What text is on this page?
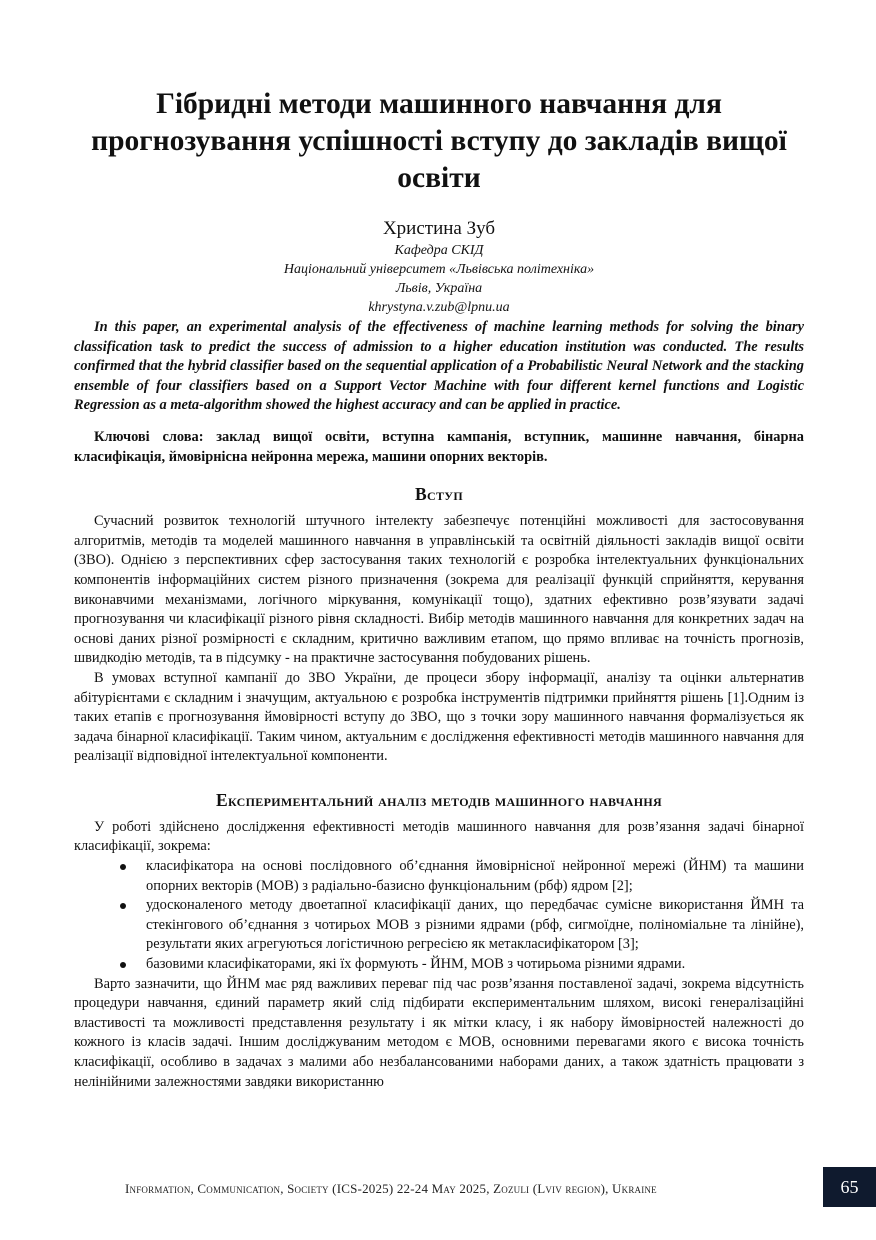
Гібридні методи машинного навчання для прогнозування успішності вступу до закладів вищої освіти
Христина Зуб
Кафедра СКІД
Національний університет «Львівська політехніка»
Львів, Україна
khrystyna.v.zub@lpnu.ua
In this paper, an experimental analysis of the effectiveness of machine learning methods for solving the binary classification task to predict the success of admission to a higher education institution was conducted. The results confirmed that the hybrid classifier based on the sequential application of a Probabilistic Neural Network and the stacking ensemble of four classifiers based on a Support Vector Machine with four different kernel functions and Logistic Regression as a meta-algorithm showed the highest accuracy and can be applied in practice.
Ключові слова: заклад вищої освіти, вступна кампанія, вступник, машинне навчання, бінарна класифікація, ймовірнісна нейронна мережа, машини опорних векторів.
Вступ

Сучасний розвиток технологій штучного інтелекту забезпечує потенційні можливості для застосовування алгоритмів, методів та моделей машинного навчання в управлінській та освітній діяльності закладів вищої освіти (ЗВО). Однією з перспективних сфер застосування таких технологій є розробка інтелектуальних функціональних компонентів інформаційних систем різного призначення (зокрема для реалізації функцій сприйняття, керування виконавчими механізмами, логічного міркування, комунікації тощо), здатних ефективно розв’язувати задачі прогнозування чи класифікації різного рівня складності. Вибір методів машинного навчання для конкретних задач на основі даних різної розмірності є складним, критично важливим етапом, що прямо впливає на точність прогнозів, швидкодію методів, та в підсумку - на практичне застосування побудованих рішень.

В умовах вступної кампанії до ЗВО України, де процеси збору інформації, аналізу та оцінки альтернатив абітурієнтами є складним і значущим, актуальною є розробка інструментів підтримки прийняття рішень [1].Одним із таких етапів є прогнозування ймовірності вступу до ЗВО, що з точки зору машинного навчання формалізується як задача бінарної класифікації. Таким чином, актуальним є дослідження ефективності методів машинного навчання для реалізації відповідної інтелектуальної компоненти.

Експериментальний аналіз методів машинного навчання

У роботі здійснено дослідження ефективності методів машинного навчання для розв’язання задачі бінарної класифікації, зокрема:

класифікатора на основі послідовного об’єднання ймовірнісної нейронної мережі (ЙНМ) та машини опорних векторів (МОВ) з радіально-базисно функціональним (рбф) ядром [2];
удосконаленого методу двоетапної класифікації даних, що передбачає сумісне використання ЙМН та стекінгового об’єднання з чотирьох МОВ з різними ядрами (рбф, сигмоїдне, поліноміальне та лінійне), результати яких агрегуються логістичною регресією як метакласифікатором [3];
базовими класифікаторами, які їх формують - ЙНМ, МОВ з чотирьома різними ядрами.

Варто зазначити, що ЙНМ має ряд важливих переваг під час розв’язання поставленої задачі, зокрема відсутність процедури навчання, єдиний параметр який слід підбирати експериментальним шляхом, високі генералізаційні властивості та можливості представлення результату і як мітки класу, і як набору ймовірностей належності до кожного із класів задачі. Іншим досліджуваним методом є МОВ, основними перевагами якого є висока точність класифікації, особливо в задачах з малими або незбалансованими наборами даних, а також здатність працювати з нелінійними залежностями завдяки використанню

Information, Communication, Society (ICS-2025) 22-24 May 2025, Zozuli (Lviv region), Ukraine	65
